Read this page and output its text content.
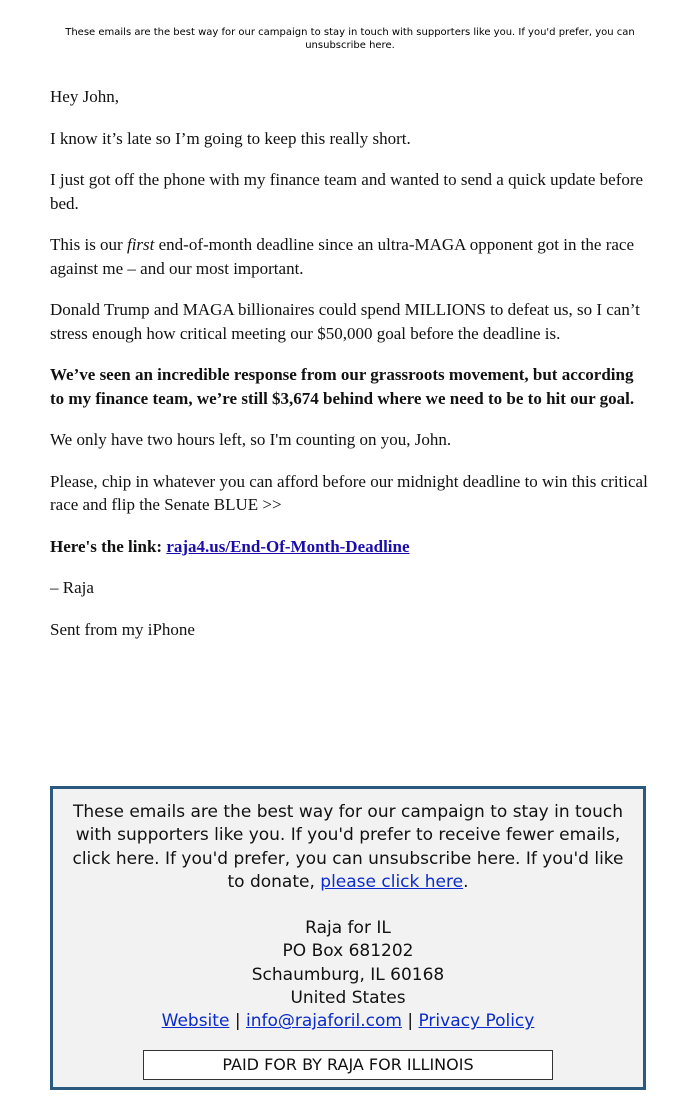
These emails are the best way for our campaign to stay in touch with supporters like you. If you'd prefer, you can unsubscribe here.

Hey John,

I know it’s late so I’m going to keep this really short.

I just got off the phone with my finance team and wanted to send a quick update before bed.

This is our first end-of-month deadline since an ultra-MAGA opponent got in the race against me – and our most important.

Donald Trump and MAGA billionaires could spend MILLIONS to defeat us, so I can’t stress enough how critical meeting our $50,000 goal before the deadline is.

We’ve seen an incredible response from our grassroots movement, but according to my finance team, we’re still $3,674 behind where we need to be to hit our goal.

We only have two hours left, so I'm counting on you, John.

Please, chip in whatever you can afford before our midnight deadline to win this critical race and flip the Senate BLUE >>

Here's the link: raja4.us/End-Of-Month-Deadline

– Raja

Sent from my iPhone

These emails are the best way for our campaign to stay in touch with supporters like you. If you'd prefer to receive fewer emails, click here. If you'd prefer, you can unsubscribe here. If you'd like to donate, please click here.
Raja for IL
PO Box 681202
Schaumburg, IL 60168
United States
Website | info@rajaforil.com | Privacy Policy
PAID FOR BY RAJA FOR ILLINOIS
